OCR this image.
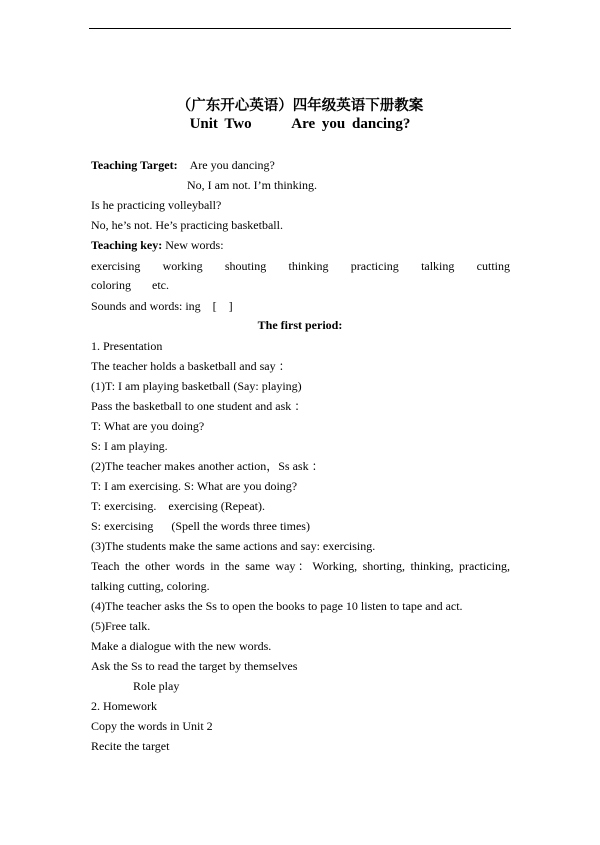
（广东开心英语）四年级英语下册教案
Unit Two      Are you dancing?
Teaching Target: Are you dancing?
No, I am not. I’m thinking.
Is he practicing volleyball?
No, he’s not. He’s practicing basketball.
Teaching key: New words:
exercising working shouting thinking practicing talking cutting
coloring       etc.
Sounds and words: ing    [    ]
The first period:
1. Presentation
The teacher holds a basketball and say ：
(1)T: I am playing basketball (Say: playing)
Pass the basketball to one student and ask ：
T: What are you doing?
S: I am playing.
(2)The teacher makes another action，Ss ask ：
T: I am exercising. S: What are you doing?
T: exercising.    exercising (Repeat).
S: exercising      (Spell the words three times)
(3)The students make the same actions and say: exercising.
Teach the other words in the same way：Working, shorting, thinking, practicing, talking cutting, coloring.
(4)The teacher asks the Ss to open the books to page 10 listen to tape and act.
(5)Free talk.
Make a dialogue with the new words.
Ask the Ss to read the target by themselves
Role play
2. Homework
Copy the words in Unit 2
Recite the target
